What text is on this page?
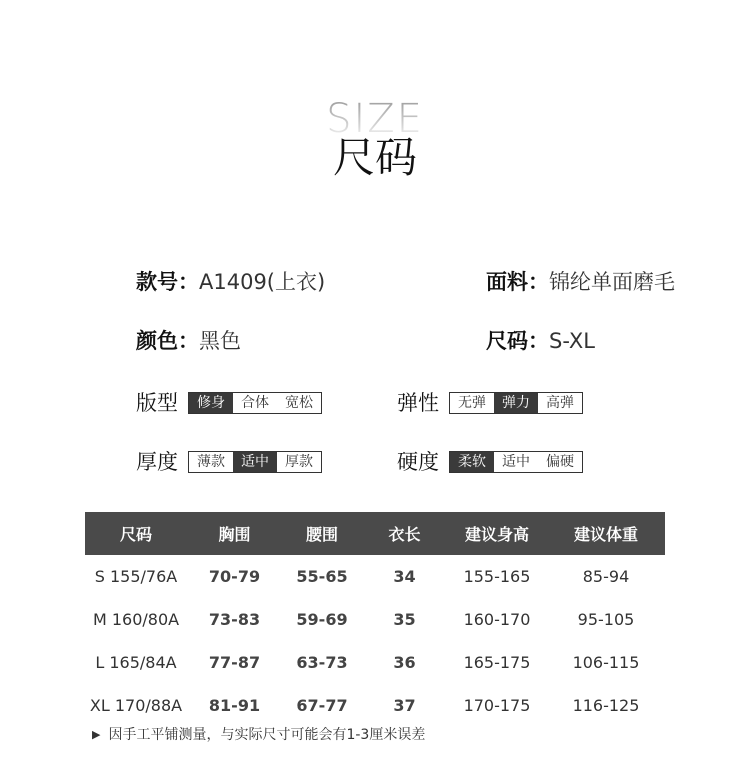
SIZE
尺码
款号：A1409(上衣)	面料：锦纶单面磨毛
颜色：黑色	尺码：S-XL
版型	修身	合体	宽松	弹性	无弹	弹力	高弹
厚度	薄款	适中	厚款	硬度	柔软	适中	偏硬
尺码	胸围	腰围	衣长	建议身高	建议体重
S 155/76A	70-79	55-65	34	155-165	85-94
M 160/80A	73-83	59-69	35	160-170	95-105
L 165/84A	77-87	63-73	36	165-175	106-115
XL 170/88A	81-91	67-77	37	170-175	116-125
▶ 因手工平铺测量，与实际尺寸可能会有1-3厘米误差
